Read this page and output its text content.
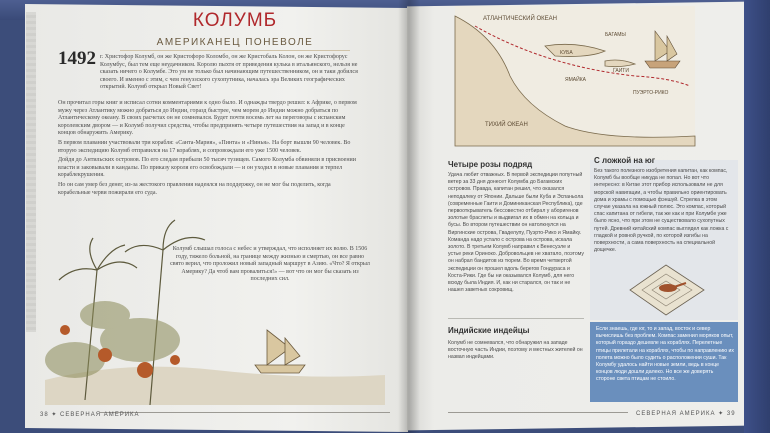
КОЛУМБ
АМЕРИКАНЕЦ ПОНЕВОЛЕ
1492 г. Христофор Колумб, он же Кристофоро Коломбо, он же Кристобаль Колон, он же Кристофорус Колумбус, был тем еще неудачником. Королю пыхтя от приведения кулька в итальянского, нельзя не сказать ничего о Колумбе. Это ум не только был начинающим путешественником, он и таки добился своего. И именно с этим, с чем генуэзского сухопутника, началась эра Великих географических открытий. Колумб открыл Новый Свет!

Он прочитал горы книг и исписал сотни комментариями к одно было. И однажды твердо решил: к Африке, о первом мужу через Атлантику можно добраться до Индии, горазд быстрее, чем морем до Индии можно добраться по Атлантическому океану. В своих расчетах он не сомневался. Будет почти восемь лет на переговоры с испанским королевским двором — и Колумб получил средства, чтобы предпринять четыре путешествия на запад и в конце концов обнаружить Америку.

В первом плавании участвовали три корабля: «Санта-Мария», «Пинта» и «Нинья». На борт вышли 90 человек. Во вторую экспедицию Колумб отправился на 17 кораблях, и сопровождали его уже 1500 человек.

Дойдя до Антильских островов. По его следам прибыли 50 тысяч тузищев. Самого Колумба обвиняли в присвоении власти и заковывали в кандалы. По приказу короля его освобождали — и он уходил в новые плавания и терпел кораблекрушения.

Но он сам умер без денег, из-за жестокого правления надеялся на поддержку, он не мог бы поделить, когда корабельные черви пожирали его суда.

Колумб слышал голоса с небес и утверждал, что исполняет их волю. В 1506 году, тяжело больной, на границе между жизнью и смертью, он все равно свято верил, что проложил новый западный маршрут в Азию. «Что? Я открыл Америку? Да чтоб вам провалиться!» — вот что он мог бы сказать из последних сил.

38 ✦ СЕВЕРНАЯ АМЕРИКА
АТЛАНТИЧЕСКИЙ ОКЕАН
БАГАМЫ
КУБА
ЯМАЙКА
ГАИТИ
ТИХИЙ ОКЕАН
ПУЭРТО-РИКО
Четыре розы подряд
Удача любит отважных. В первой экспедиции попутный ветер за 33 дня донесет Колумба до Багамских островов. Правда, капитан решил, что оказался неподалеку от Японии. Дальше были Куба и Эспаньола (современные Гаити и Доминиканская Республика), где первооткрыватель бессовестно отбирал у аборигенов золотые браслеты и выдвигал их в обмен на кольца и бусы. Во втором путешествии он натолкнулся на Виргинские острова, Гваделупу, Пуэрто-Рико и Ямайку. Команда надо устало с острова на острова, искала золото. В третьем Колумб направил к Венесуэле и устье реки Ориноко. Добровольцев не хватало, поэтому он набрал бандитов из тюрем. Во время четвертой экспедиции он прошел вдоль берегов Гондураса и Коста-Рики. Где бы ни оказывался Колумб, для него всюду была Индия. И, как ни старался, он так и не нашел заветных сокровищ.
Индийские индейцы
Колумб не сомневался, что обнаружил на западе восточную часть Индии, поэтому и местных жителей он назвал индейцами.
С ложкой на юг
Без такого полезного изобретения капитан, как компас, Колумб бы вообще никуда не попал. Но вот что интересно: в Китае этот прибор использовали не для морской навигации, а чтобы правильно ориентировать дома и храмы с помощью фэншуй. Стрелка в этом случае указала на южный полюс. Это компас, который спас капитана от гибели, так же как и при Колумбе уже было ясно, что при этом не существовало сухопутных путей. Древний китайский компас выглядел как ложка с гладкой и ровной ручкой, по которой изгибы на поверхности, а сама поверхность на специальной дощечке.
Если знаешь, где юг, то и запад, восток и север вычислишь без проблем. Компас заменил моряков опыт, который гораздо дешевле на кораблях. Перелетные птицы прилетали на кораблях, чтобы по направлению их полета можно было судить о расположении суши. Так Колумбу удалось найти новые земли, ведь в конце концов люди дошли далеко. Но все же доверять стороне света птицам не стоило.
СЕВЕРНАЯ АМЕРИКА ✦ 39
